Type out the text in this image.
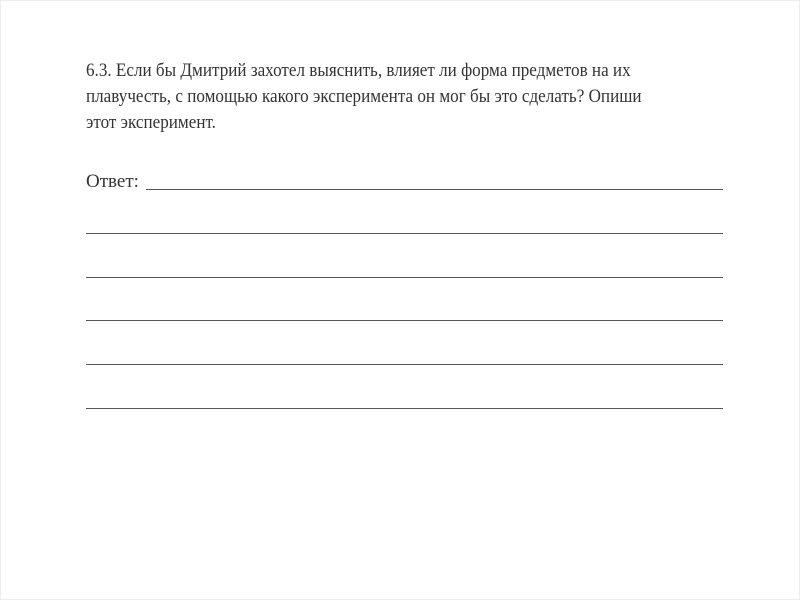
6.3. Если бы Дмитрий захотел выяснить, влияет ли форма предметов на их
плавучесть, с помощью какого эксперимента он мог бы это сделать? Опиши
этот эксперимент.
Ответ:
